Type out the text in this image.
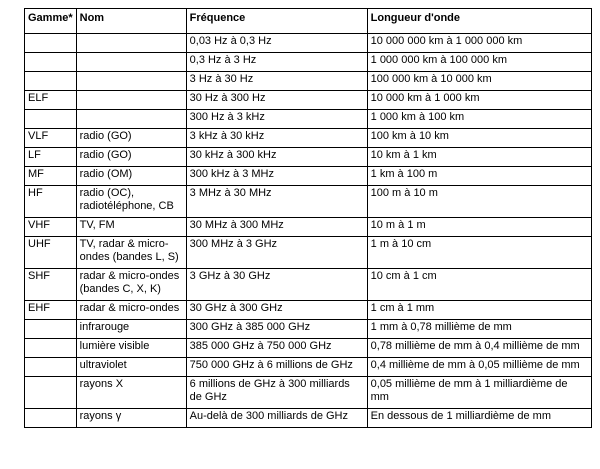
Gamme*	Nom	Fréquence	Longueur d'onde
		0,03 Hz à 0,3 Hz	10 000 000 km à 1 000 000 km
		0,3 Hz à 3 Hz	1 000 000 km à 100 000 km
		3 Hz à 30 Hz	100 000 km à 10 000 km
ELF		30 Hz à 300 Hz	10 000 km à 1 000 km
		300 Hz à 3 kHz	1 000 km à 100 km
VLF	radio (GO)	3 kHz à 30 kHz	100 km à 10 km
LF	radio (GO)	30 kHz à 300 kHz	10 km à 1 km
MF	radio (OM)	300 kHz à 3 MHz	1 km à 100 m
HF	radio (OC), radiotéléphone, CB	3 MHz à 30 MHz	100 m à 10 m
VHF	TV, FM	30 MHz à 300 MHz	10 m à 1 m
UHF	TV, radar & micro-ondes (bandes L, S)	300 MHz à 3 GHz	1 m à 10 cm
SHF	radar & micro-ondes (bandes C, X, K)	3 GHz à 30 GHz	10 cm à 1 cm
EHF	radar & micro-ondes	30 GHz à 300 GHz	1 cm à 1 mm
	infrarouge	300 GHz à 385 000 GHz	1 mm à 0,78 millième de mm
	lumière visible	385 000 GHz à 750 000 GHz	0,78 millième de mm à 0,4 millième de mm
	ultraviolet	750 000 GHz à 6 millions de GHz	0,4 millième de mm à 0,05 millième de mm
	rayons X	6 millions de GHz à 300 milliards de GHz	0,05 millième de mm à 1 milliardième de mm
	rayons γ	Au-delà de 300 milliards de GHz	En dessous de 1 milliardième de mm
